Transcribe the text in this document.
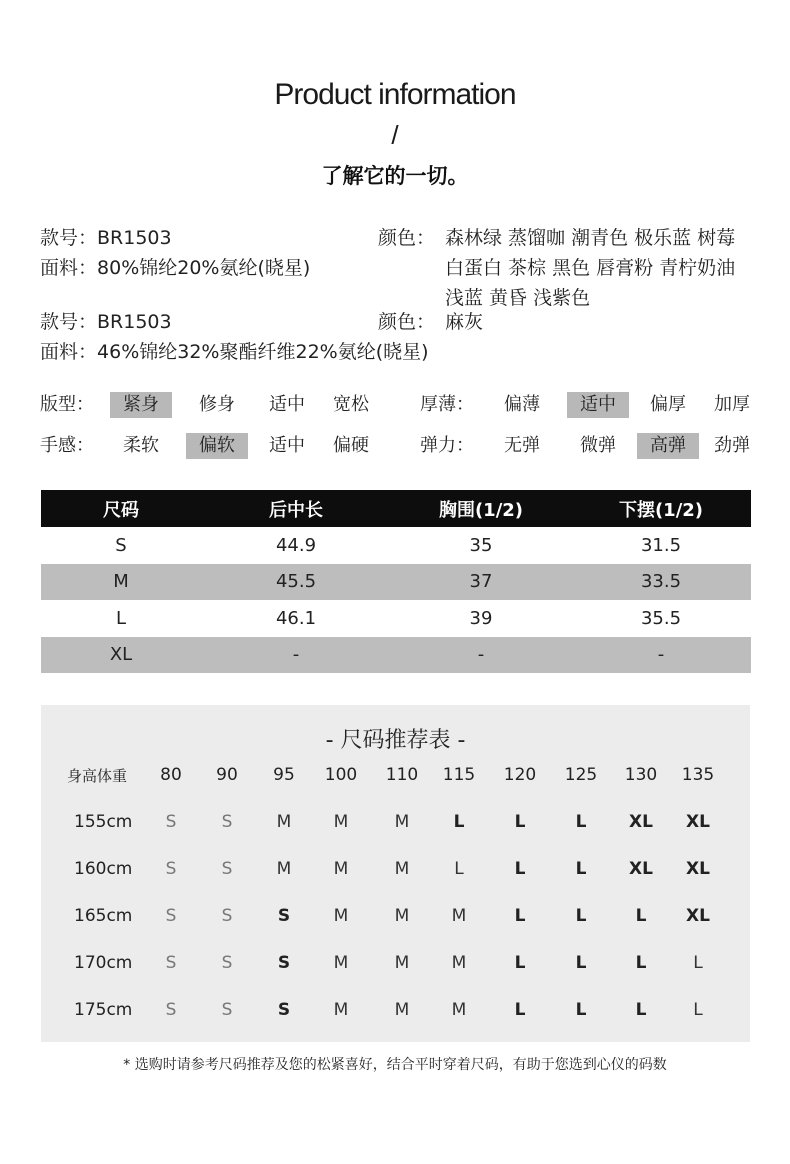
Product information
/
了解它的一切。
款号：BR1503
面料：80%锦纶20%氨纶(晓星)
款号：BR1503
面料：46%锦纶32%聚酯纤维22%氨纶(晓星)
颜色： 森林绿 蒸馏咖 潮青色 极乐蓝 树莓
白蛋白 茶棕 黑色 唇膏粉 青柠奶油
浅蓝 黄昏 浅紫色
颜色： 麻灰
版型：	紧身	修身	适中	宽松	厚薄：	偏薄	适中	偏厚	加厚
手感：	柔软	偏软	适中	偏硬	弹力：	无弹	微弹	高弹	劲弹
尺码	后中长	胸围(1/2)	下摆(1/2)
S	44.9	35	31.5
M	45.5	37	33.5
L	46.1	39	35.5
XL	-	-	-
- 尺码推荐表 -
身高体重	80	90	95	100	110	115	120	125	130	135
155cm	S	S	M	M	M	L	L	L	XL	XL
160cm	S	S	M	M	M	L	L	L	XL	XL
165cm	S	S	S	M	M	M	L	L	L	XL
170cm	S	S	S	M	M	M	L	L	L	L
175cm	S	S	S	M	M	M	L	L	L	L
* 选购时请参考尺码推荐及您的松紧喜好，结合平时穿着尺码，有助于您选到心仪的码数
